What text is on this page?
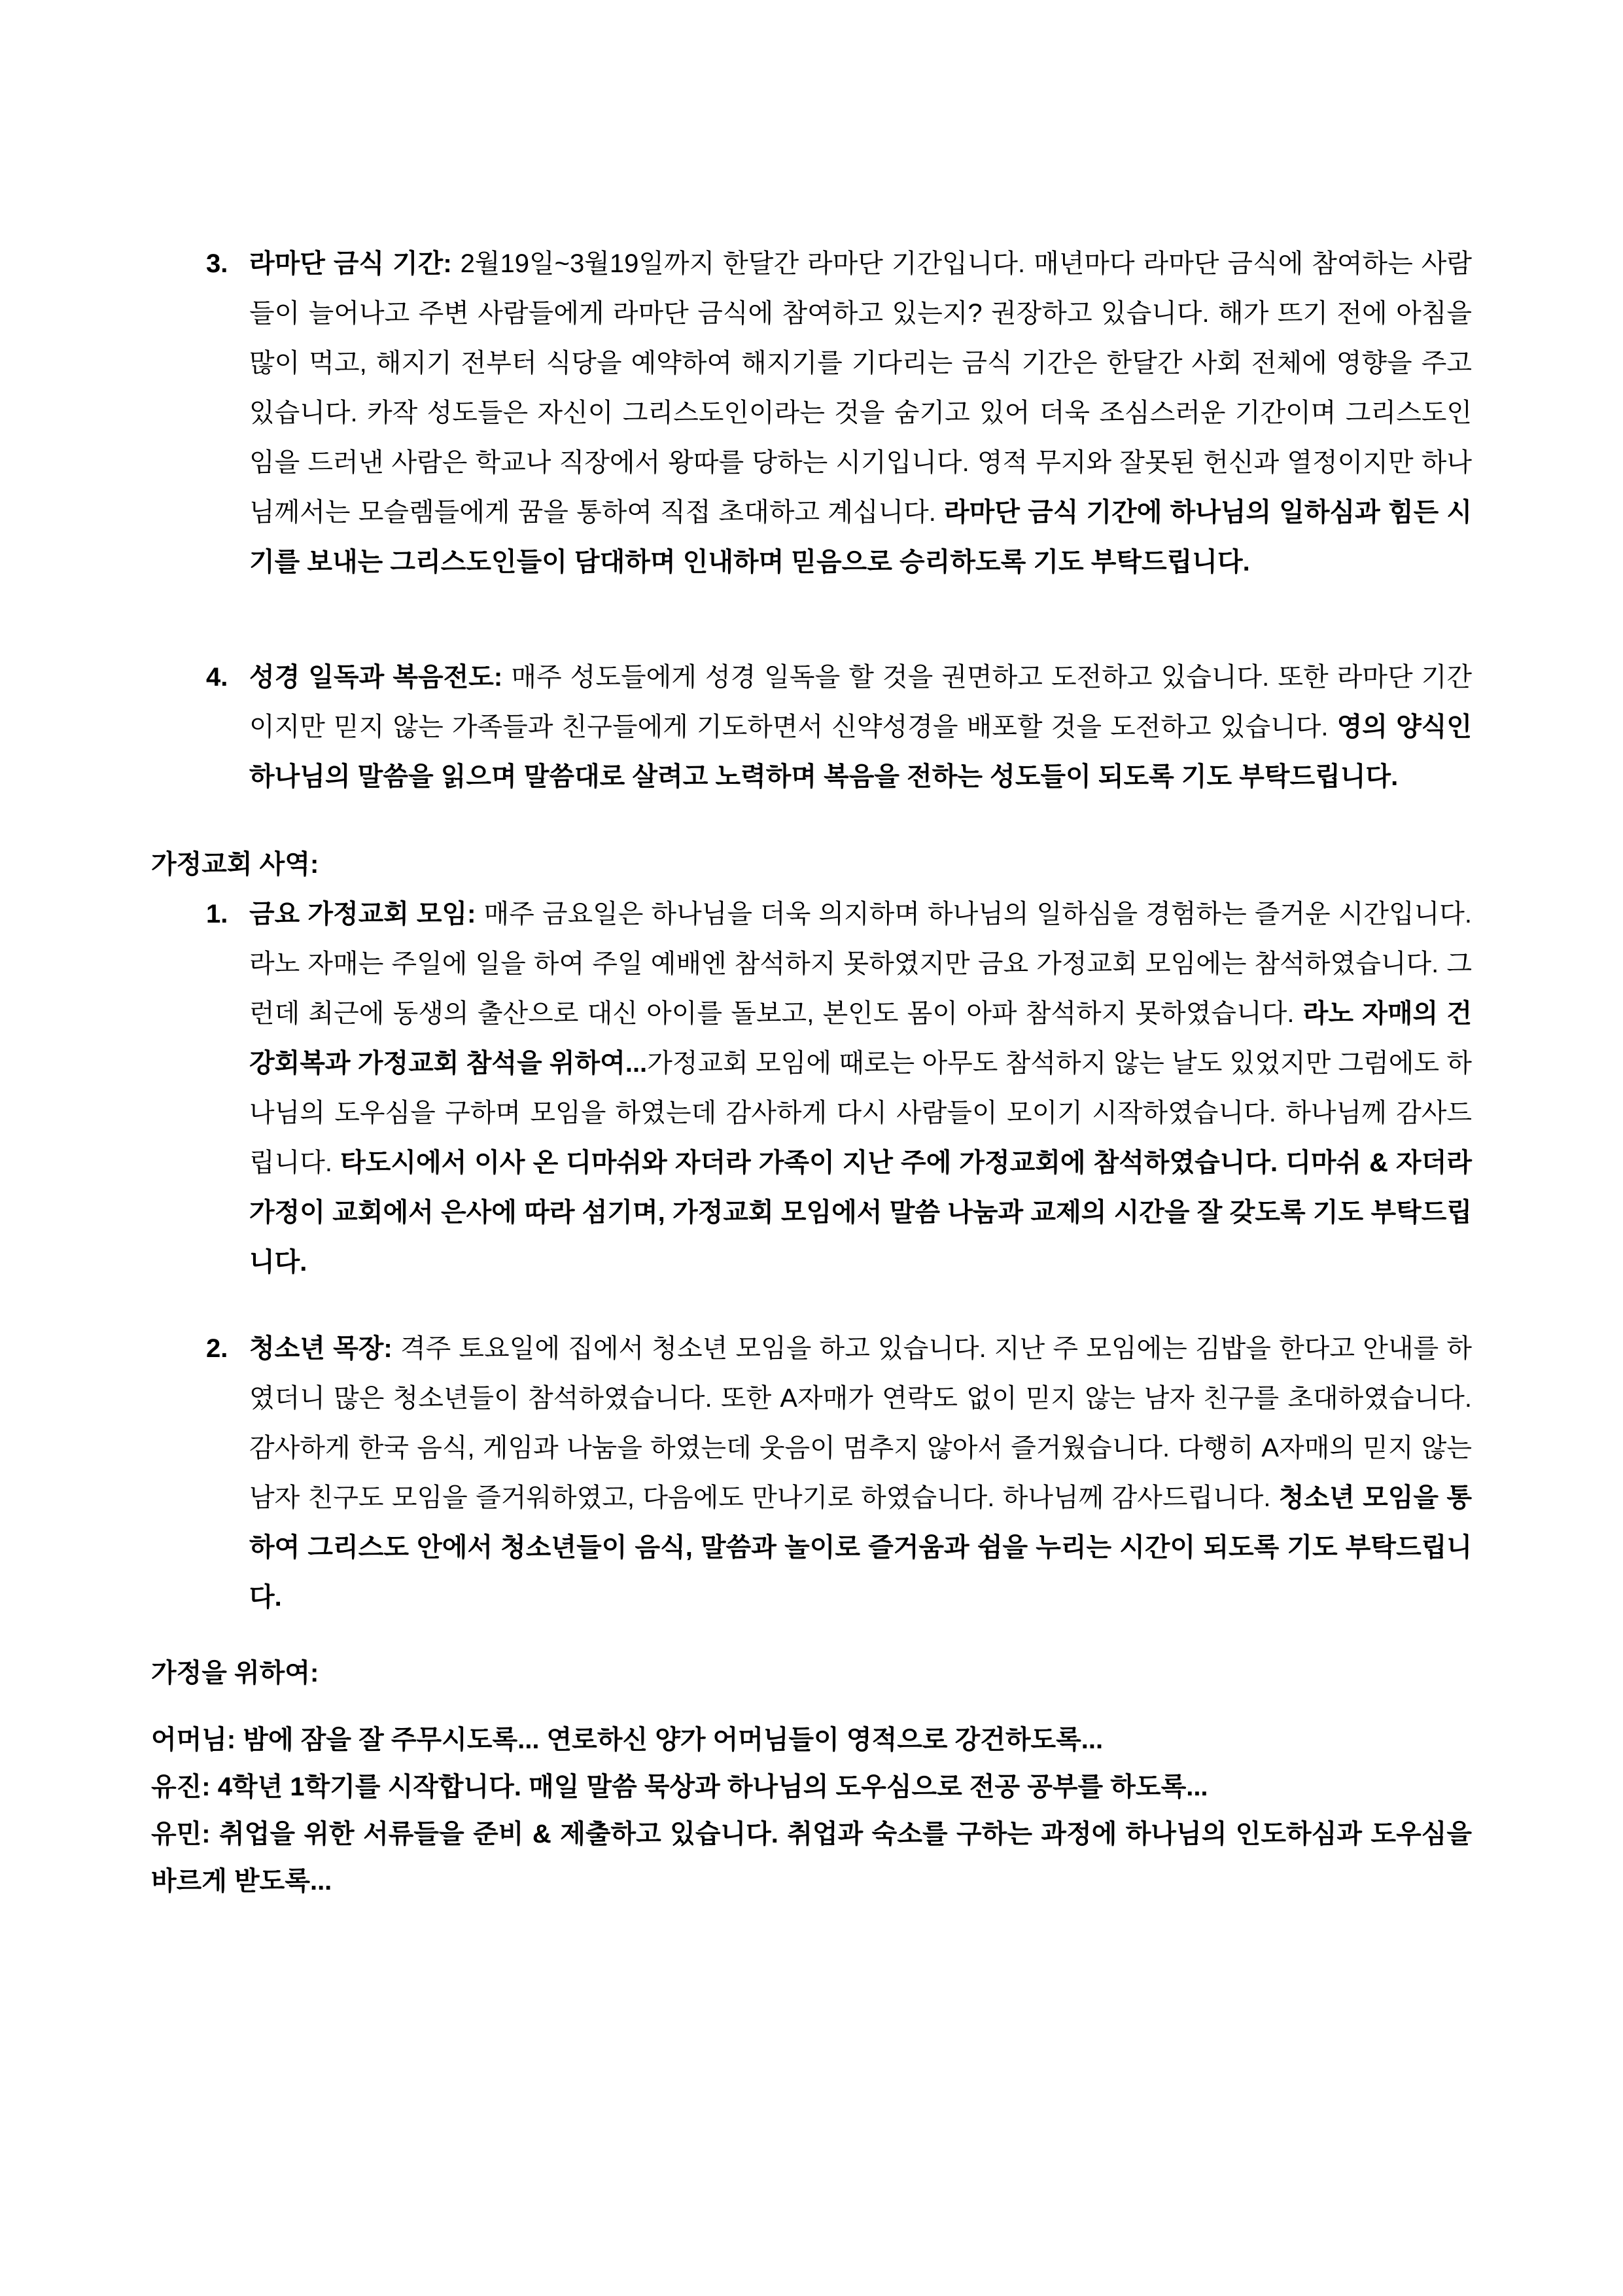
3. 라마단 금식 기간: 2월19일~3월19일까지 한달간 라마단 기간입니다. 매년마다 라마단 금식에 참여하는 사람들이 늘어나고 주변 사람들에게 라마단 금식에 참여하고 있는지? 권장하고 있습니다. 해가 뜨기 전에 아침을 많이 먹고, 해지기 전부터 식당을 예약하여 해지기를 기다리는 금식 기간은 한달간 사회 전체에 영향을 주고 있습니다. 카작 성도들은 자신이 그리스도인이라는 것을 숨기고 있어 더욱 조심스러운 기간이며 그리스도인임을 드러낸 사람은 학교나 직장에서 왕따를 당하는 시기입니다. 영적 무지와 잘못된 헌신과 열정이지만 하나님께서는 모슬렘들에게 꿈을 통하여 직접 초대하고 계십니다. 라마단 금식 기간에 하나님의 일하심과 힘든 시기를 보내는 그리스도인들이 담대하며 인내하며 믿음으로 승리하도록 기도 부탁드립니다.
4. 성경 일독과 복음전도: 매주 성도들에게 성경 일독을 할 것을 권면하고 도전하고 있습니다. 또한 라마단 기간이지만 믿지 않는 가족들과 친구들에게 기도하면서 신약성경을 배포할 것을 도전하고 있습니다. 영의 양식인 하나님의 말씀을 읽으며 말씀대로 살려고 노력하며 복음을 전하는 성도들이 되도록 기도 부탁드립니다.
가정교회 사역:
1. 금요 가정교회 모임: 매주 금요일은 하나님을 더욱 의지하며 하나님의 일하심을 경험하는 즐거운 시간입니다. 라노 자매는 주일에 일을 하여 주일 예배엔 참석하지 못하였지만 금요 가정교회 모임에는 참석하였습니다. 그런데 최근에 동생의 출산으로 대신 아이를 돌보고, 본인도 몸이 아파 참석하지 못하였습니다. 라노 자매의 건강회복과 가정교회 참석을 위하여...가정교회 모임에 때로는 아무도 참석하지 않는 날도 있었지만 그럼에도 하나님의 도우심을 구하며 모임을 하였는데 감사하게 다시 사람들이 모이기 시작하였습니다. 하나님께 감사드립니다. 타도시에서 이사 온 디마쉬와 자더라 가족이 지난 주에 가정교회에 참석하였습니다. 디마쉬 & 자더라 가정이 교회에서 은사에 따라 섬기며, 가정교회 모임에서 말씀 나눔과 교제의 시간을 잘 갖도록 기도 부탁드립니다.
2. 청소년 목장: 격주 토요일에 집에서 청소년 모임을 하고 있습니다. 지난 주 모임에는 김밥을 한다고 안내를 하였더니 많은 청소년들이 참석하였습니다. 또한 A자매가 연락도 없이 믿지 않는 남자 친구를 초대하였습니다. 감사하게 한국 음식, 게임과 나눔을 하였는데 웃음이 멈추지 않아서 즐거웠습니다. 다행히 A자매의 믿지 않는 남자 친구도 모임을 즐거워하였고, 다음에도 만나기로 하였습니다. 하나님께 감사드립니다. 청소년 모임을 통하여 그리스도 안에서 청소년들이 음식, 말씀과 놀이로 즐거움과 쉼을 누리는 시간이 되도록 기도 부탁드립니다.
가정을 위하여:
어머님: 밤에 잠을 잘 주무시도록... 연로하신 양가 어머님들이 영적으로 강건하도록...
유진: 4학년 1학기를 시작합니다. 매일 말씀 묵상과 하나님의 도우심으로 전공 공부를 하도록...
유민: 취업을 위한 서류들을 준비 & 제출하고 있습니다. 취업과 숙소를 구하는 과정에 하나님의 인도하심과 도우심을 바르게 받도록...
